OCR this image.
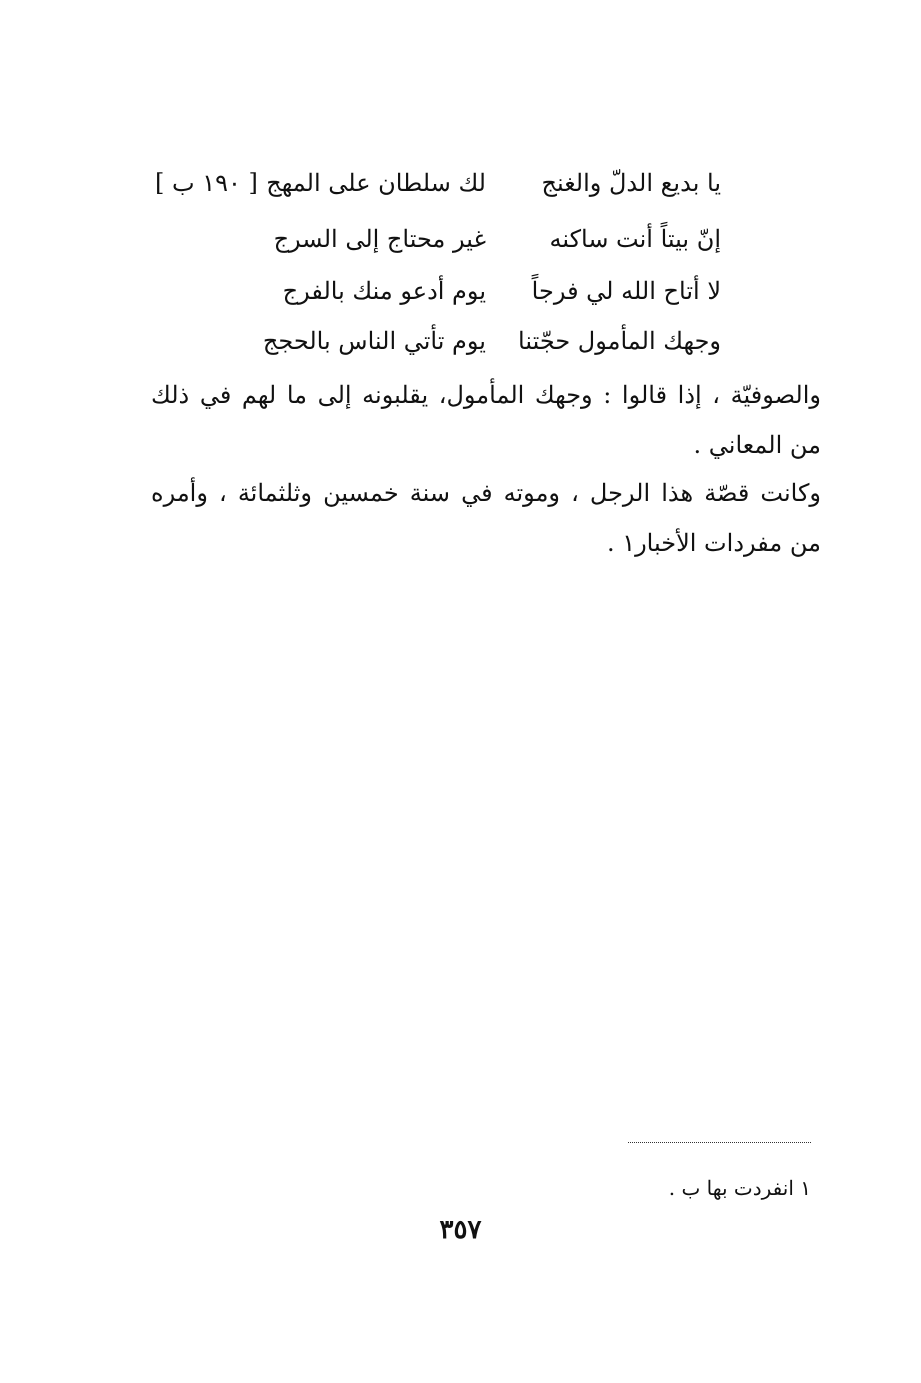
[ ١٩٠ ب ]	يا بديع الدلّ والغنج
لك سلطان على المهج
إنّ بيتاً أنت ساكنه
غير محتاج إلى السرج
لا أتاح الله لي فرجاً
يوم أدعو منك بالفرج
وجهك المأمول حجّتنا
يوم تأتي الناس بالحجج

والصوفيّة ، إذا قالوا : وجهك المأمول، يقلبونه إلى ما لهم في ذلك من المعاني .

وكانت قصّة هذا الرجل ، وموته في سنة خمسين وثلثمائة ، وأمره من مفردات الأخبار١ .

١ انفردت بها ب .
٣٥٧
